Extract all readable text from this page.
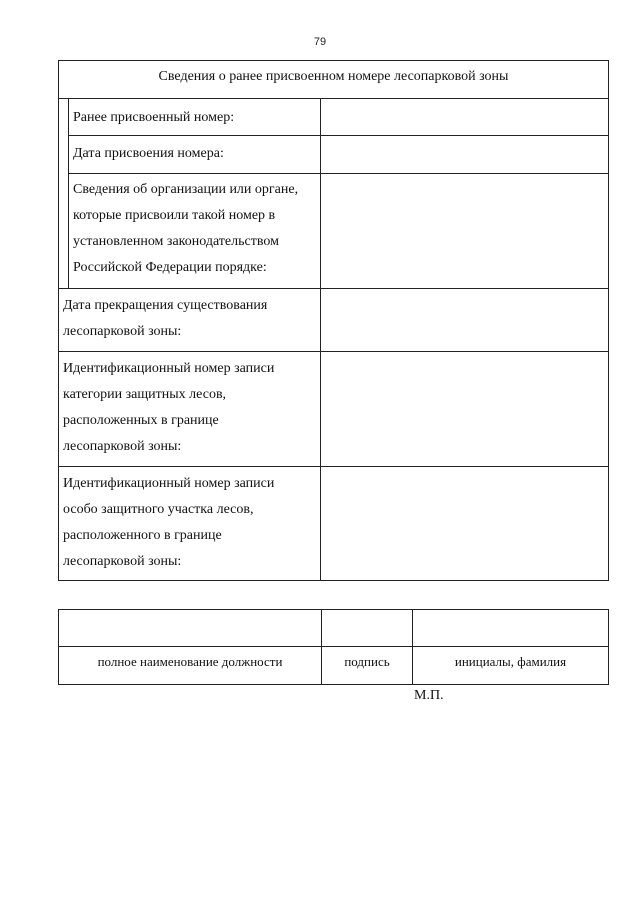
79
Сведения о ранее присвоенном номере лесопарковой зоны
Ранее присвоенный номер:
Дата присвоения номера:
Сведения об организации или органе,
которые присвоили такой номер в
установленном законодательством
Российской Федерации порядке:
Дата прекращения существования
лесопарковой зоны:
Идентификационный номер записи
категории защитных лесов,
расположенных в границе
лесопарковой зоны:
Идентификационный номер записи
особо защитного участка лесов,
расположенного в границе
лесопарковой зоны:
полное наименование должности	подпись	инициалы, фамилия
М.П.
